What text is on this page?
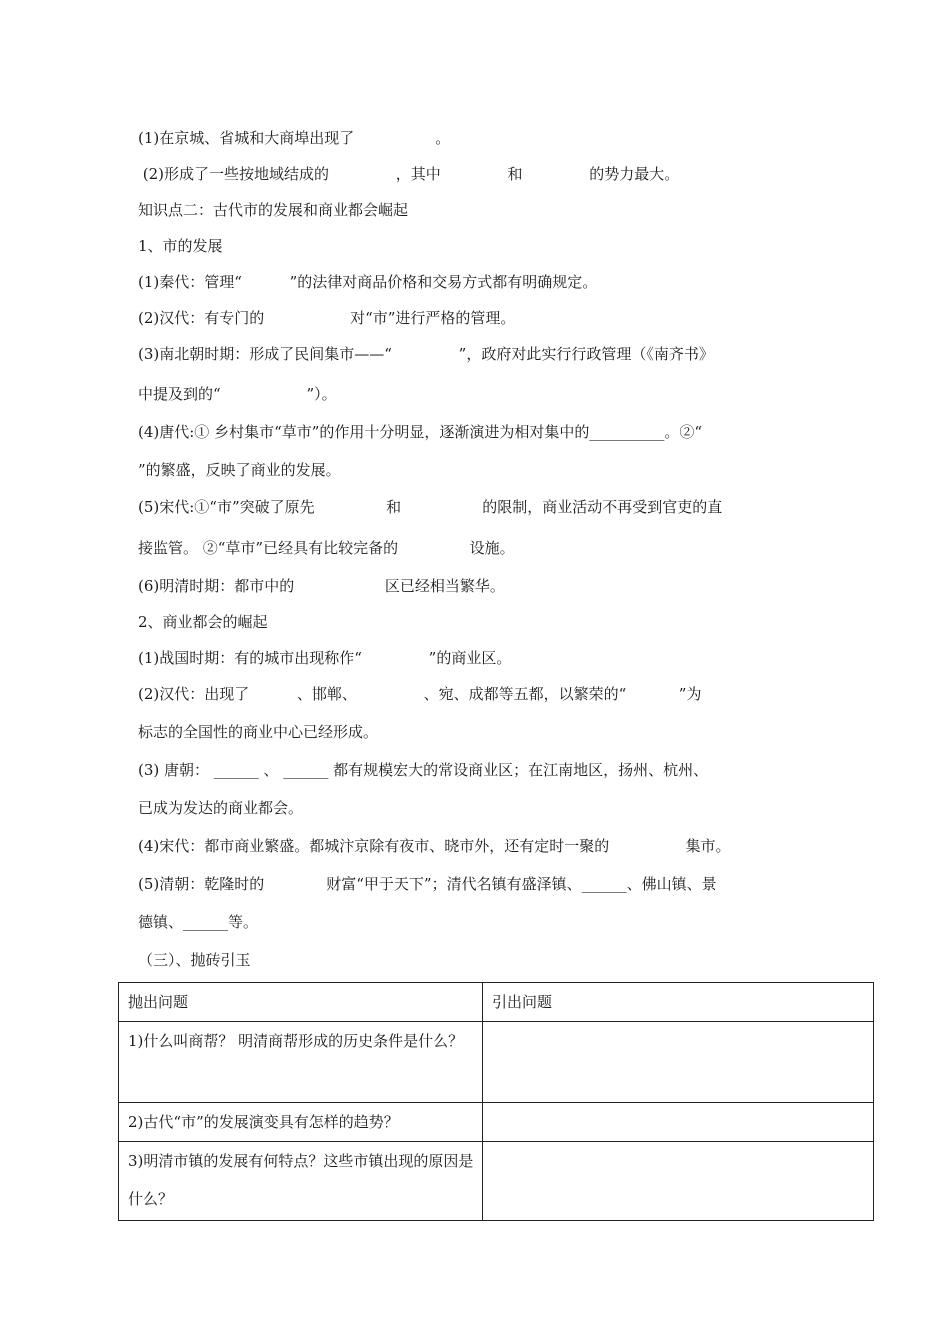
(1)在京城、省城和大商埠出现了                 。
(2)形成了一些按地域结成的              ，其中              和              的势力最大。
知识点二：古代市的发展和商业都会崛起
1、市的发展
(1)秦代：管理“          ”的法律对商品价格和交易方式都有明确规定。
(2)汉代：有专门的                  对“市”进行严格的管理。
(3)南北朝时期：形成了民间集市——“              ”，政府对此实行行政管理（《南齐书》
中提及到的“                  ”）。
(4)唐代:① 乡村集市“草市”的作用十分明显，逐渐演进为相对集中的__________。②“
”的繁盛，反映了商业的发展。
(5)宋代:①“市”突破了原先               和                 的限制，商业活动不再受到官吏的直
接监管。 ②“草市”已经具有比较完备的               设施。
(6)明清时期：都市中的                   区已经相当繁华。
2、商业都会的崛起
(1)战国时期：有的城市出现称作“              ”的商业区。
(2)汉代：出现了          、邯郸、              、宛、成都等五都，以繁荣的“           ”为
标志的全国性的商业中心已经形成。
(3) 唐朝： ______ 、 ______ 都有规模宏大的常设商业区；在江南地区，扬州、杭州、
已成为发达的商业都会。
(4)宋代：都市商业繁盛。都城汴京除有夜市、晓市外，还有定时一聚的                集市。
(5)清朝：乾隆时的             财富“甲于天下”；清代名镇有盛泽镇、______、佛山镇、景
德镇、______等。
（三）、抛砖引玉
抛出问题	引出问题
1)什么叫商帮？ 明清商帮形成的历史条件是什么？	
2)古代“市”的发展演变具有怎样的趋势？	
3)明清市镇的发展有何特点？这些市镇出现的原因是什么？	
